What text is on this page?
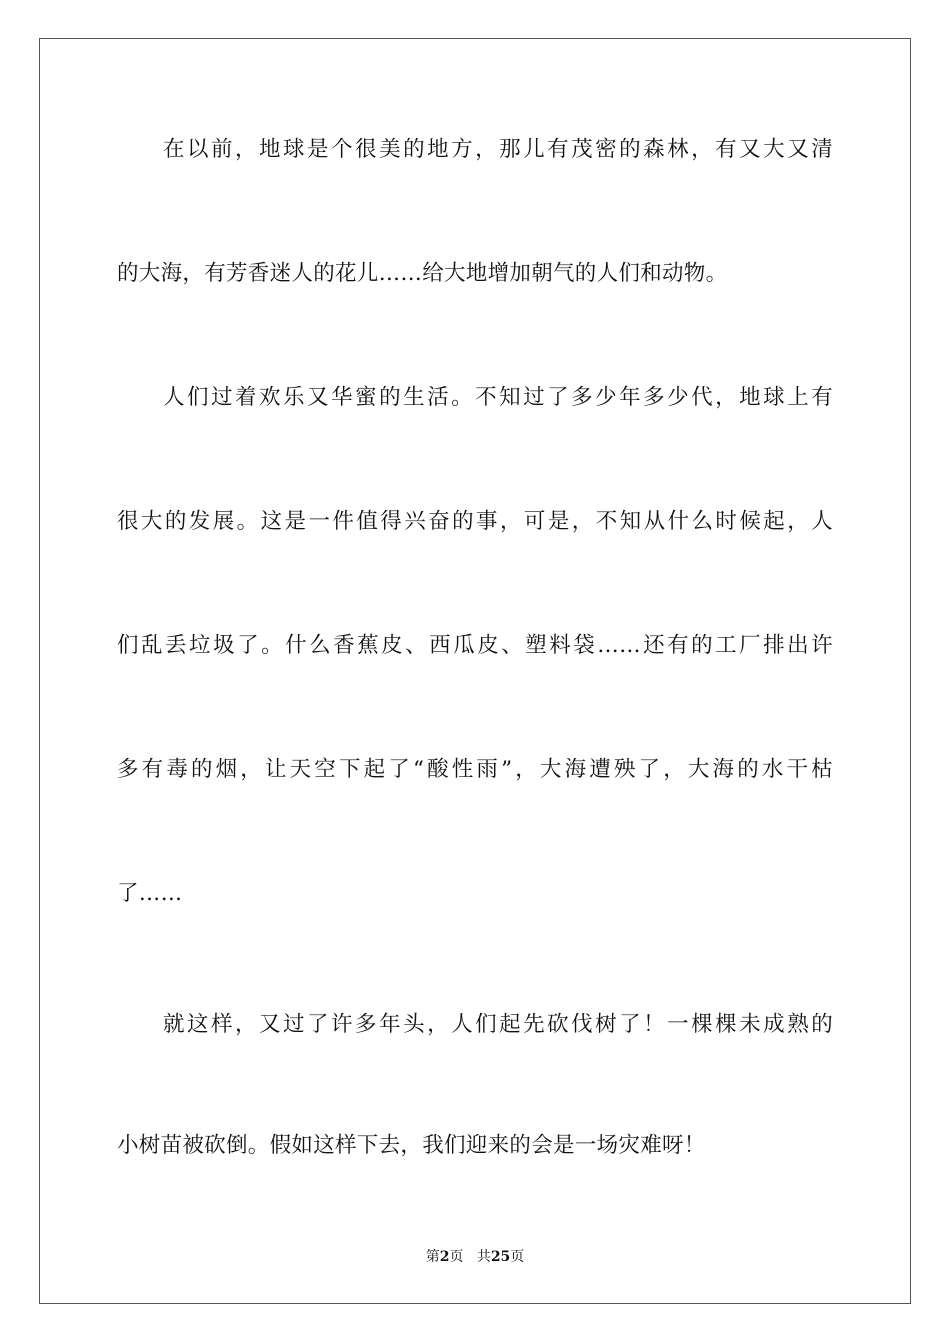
在以前，地球是个很美的地方，那儿有茂密的森林，有又大又清
的大海，有芳香迷人的花儿……给大地增加朝气的人们和动物。
人们过着欢乐又华蜜的生活。不知过了多少年多少代，地球上有
很大的发展。这是一件值得兴奋的事，可是，不知从什么时候起，人
们乱丢垃圾了。什么香蕉皮、西瓜皮、塑料袋……还有的工厂排出许
多有毒的烟，让天空下起了“酸性雨”，大海遭殃了，大海的水干枯
了……
就这样，又过了许多年头，人们起先砍伐树了！一棵棵未成熟的
小树苗被砍倒。假如这样下去，我们迎来的会是一场灾难呀！
第2页 共25页
